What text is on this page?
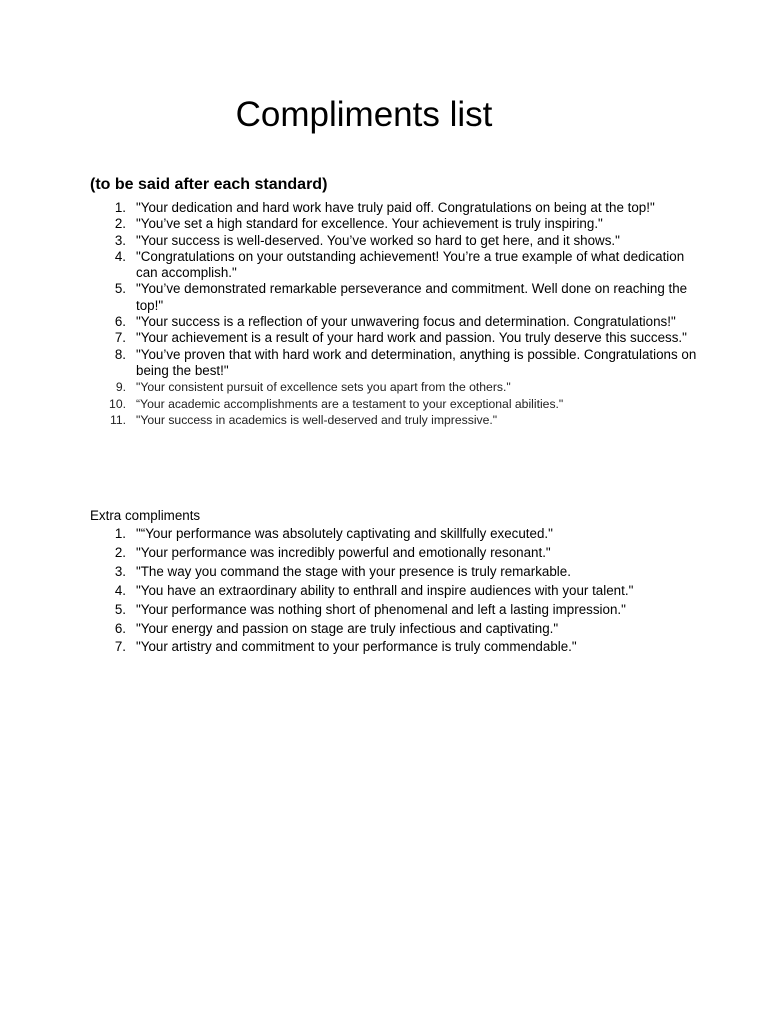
Compliments list
(to be said after each standard)
1. "Your dedication and hard work have truly paid off. Congratulations on being at the top!"
2. "You’ve set a high standard for excellence. Your achievement is truly inspiring."
3. "Your success is well-deserved. You’ve worked so hard to get here, and it shows."
4. "Congratulations on your outstanding achievement! You’re a true example of what dedication can accomplish."
5. "You’ve demonstrated remarkable perseverance and commitment. Well done on reaching the top!"
6. "Your success is a reflection of your unwavering focus and determination. Congratulations!"
7. "Your achievement is a result of your hard work and passion. You truly deserve this success."
8. "You’ve proven that with hard work and determination, anything is possible. Congratulations on being the best!"
9. "Your consistent pursuit of excellence sets you apart from the others."
10. “Your academic accomplishments are a testament to your exceptional abilities."
11. "Your success in academics is well-deserved and truly impressive."

Extra compliments

1. "“Your performance was absolutely captivating and skillfully executed."
2. "Your performance was incredibly powerful and emotionally resonant."
3. "The way you command the stage with your presence is truly remarkable.
4. "You have an extraordinary ability to enthrall and inspire audiences with your talent."
5. "Your performance was nothing short of phenomenal and left a lasting impression."
6. "Your energy and passion on stage are truly infectious and captivating."
7. "Your artistry and commitment to your performance is truly commendable."
